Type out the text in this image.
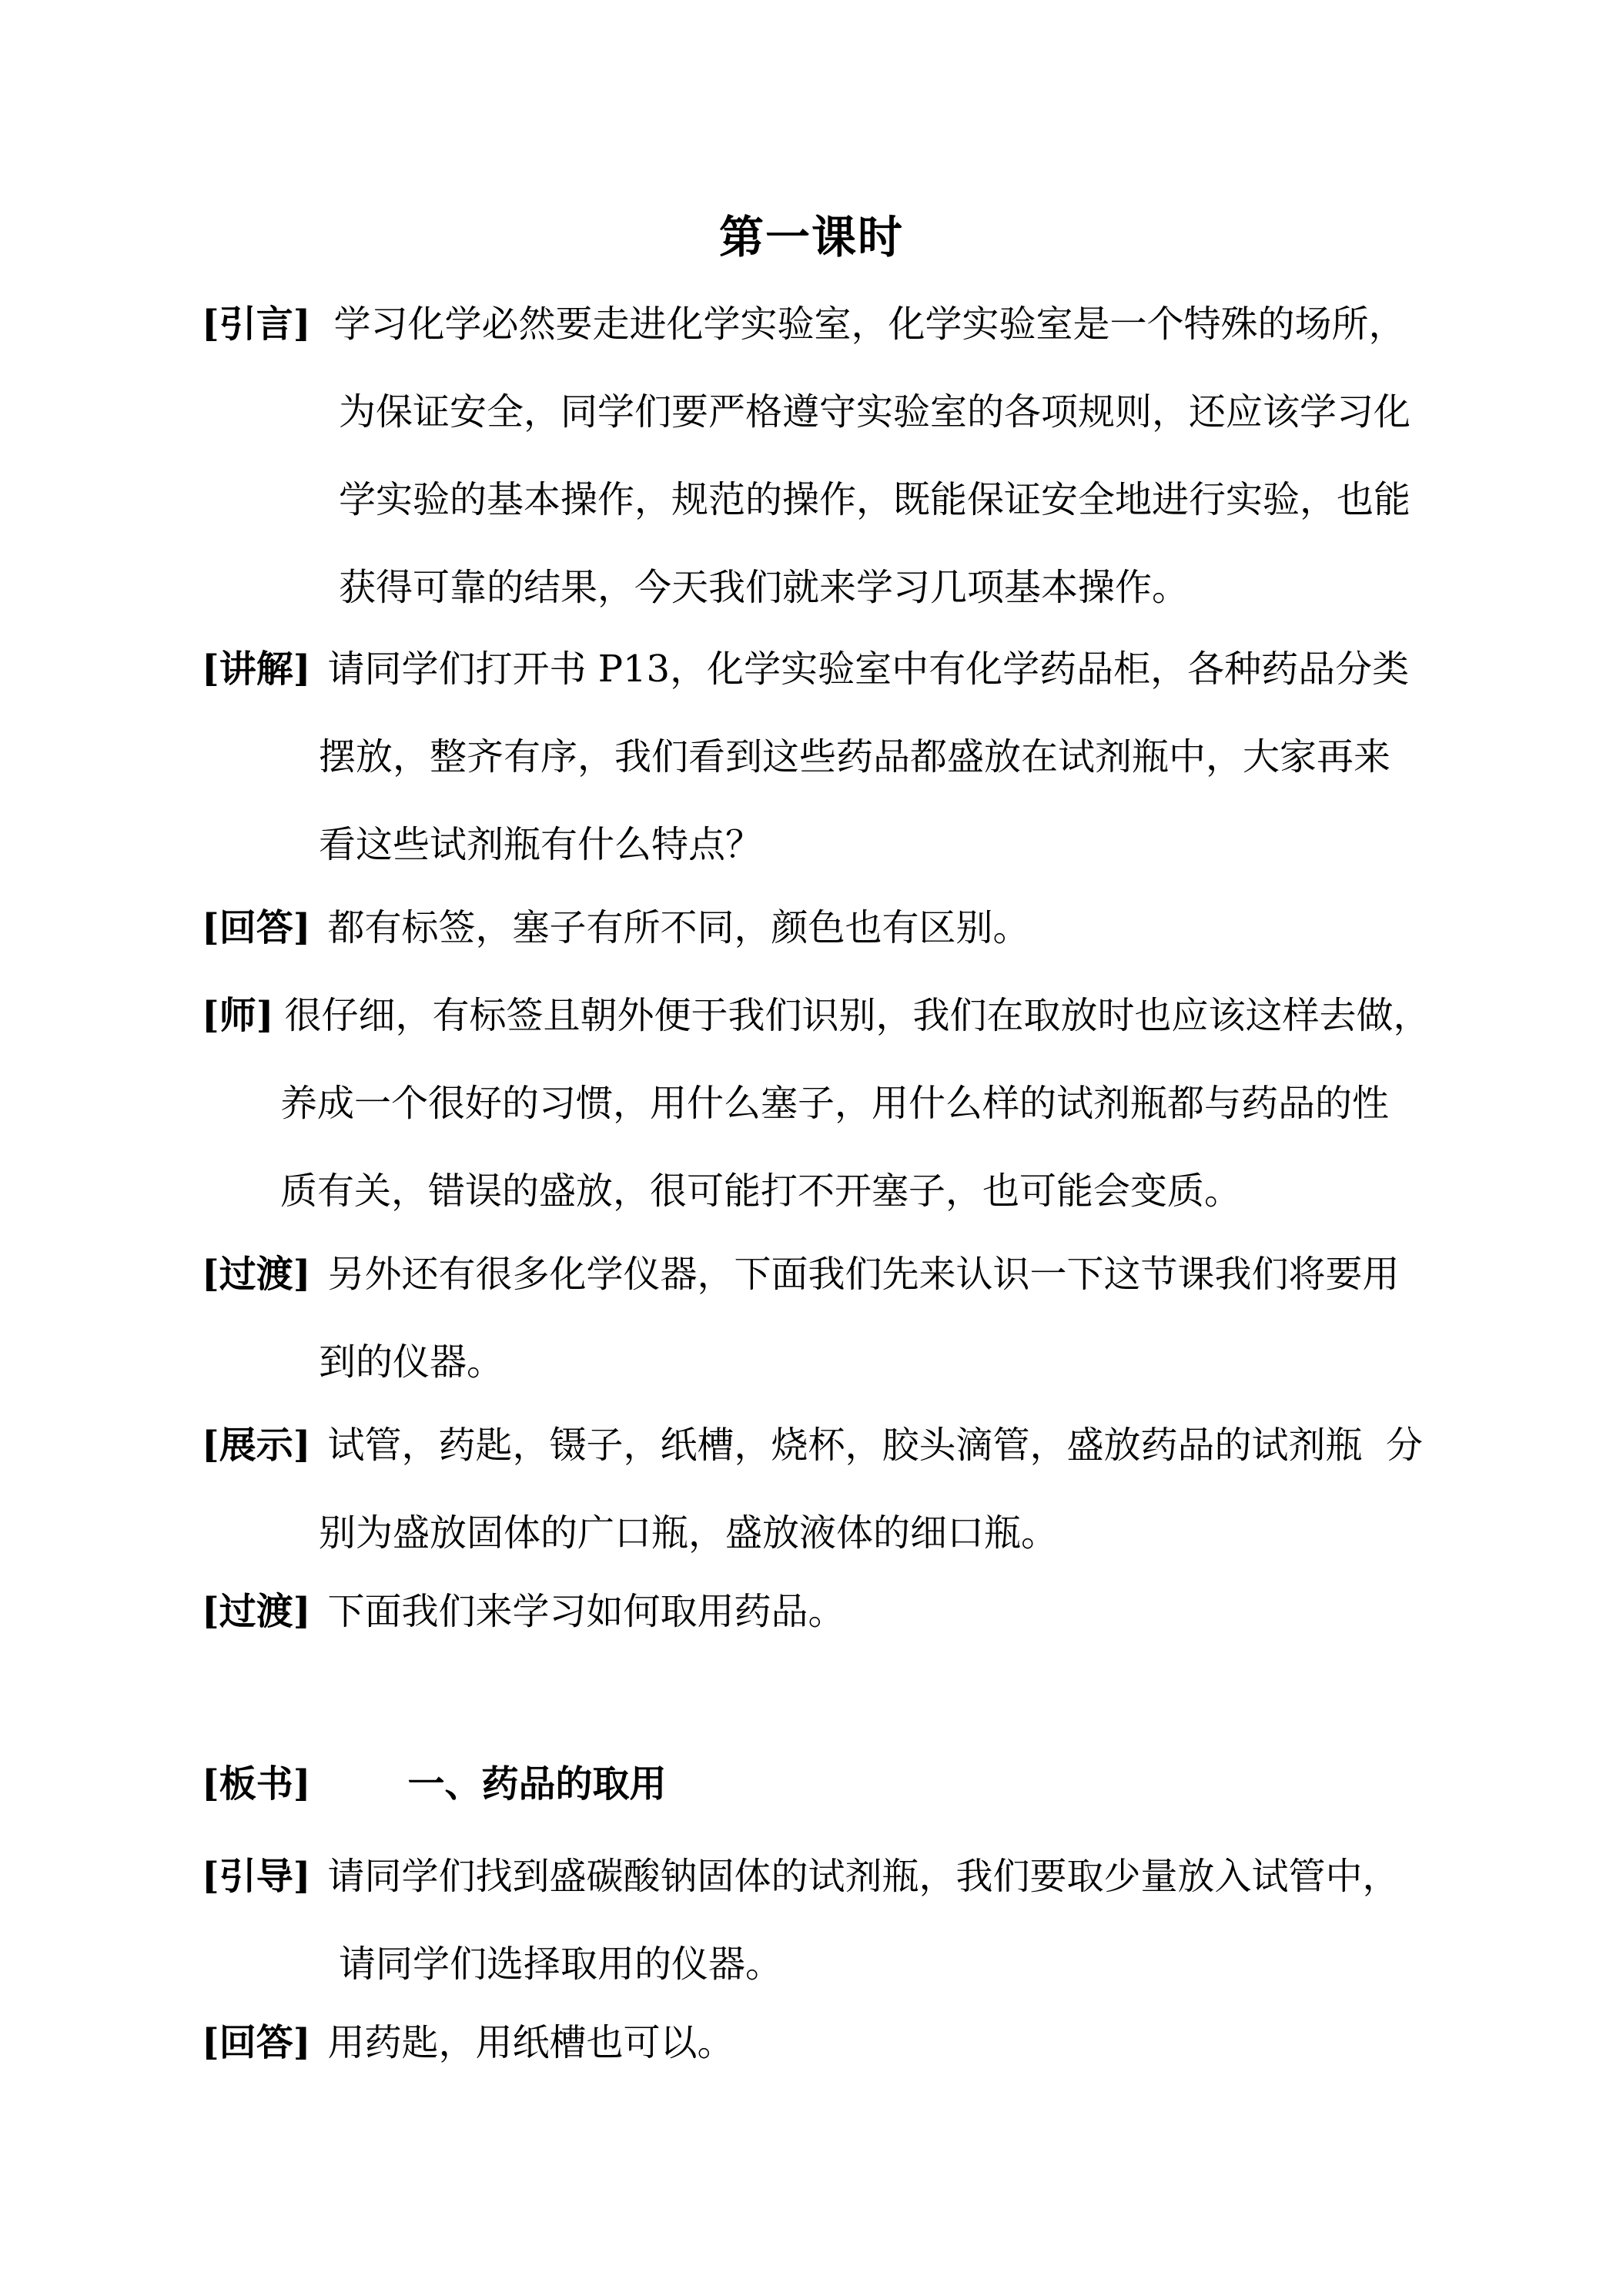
第一课时
[引言] 学习化学必然要走进化学实验室，化学实验室是一个特殊的场所，
为保证安全，同学们要严格遵守实验室的各项规则，还应该学习化
学实验的基本操作，规范的操作，既能保证安全地进行实验，也能
获得可靠的结果，今天我们就来学习几项基本操作。
[讲解] 请同学们打开书 P13，化学实验室中有化学药品柜，各种药品分类
摆放，整齐有序，我们看到这些药品都盛放在试剂瓶中，大家再来
看这些试剂瓶有什么特点？
[回答] 都有标签，塞子有所不同，颜色也有区别。
[师] 很仔细，有标签且朝外便于我们识别，我们在取放时也应该这样去做，
养成一个很好的习惯，用什么塞子，用什么样的试剂瓶都与药品的性
质有关，错误的盛放，很可能打不开塞子，也可能会变质。
[过渡] 另外还有很多化学仪器，下面我们先来认识一下这节课我们将要用
到的仪器。
[展示] 试管，药匙，镊子，纸槽，烧杯，胶头滴管，盛放药品的试剂瓶  分
别为盛放固体的广口瓶，盛放液体的细口瓶。
[过渡] 下面我们来学习如何取用药品。
[板书]	一、药品的取用
[引导] 请同学们找到盛碳酸钠固体的试剂瓶，我们要取少量放入试管中，
请同学们选择取用的仪器。
[回答] 用药匙，用纸槽也可以。
